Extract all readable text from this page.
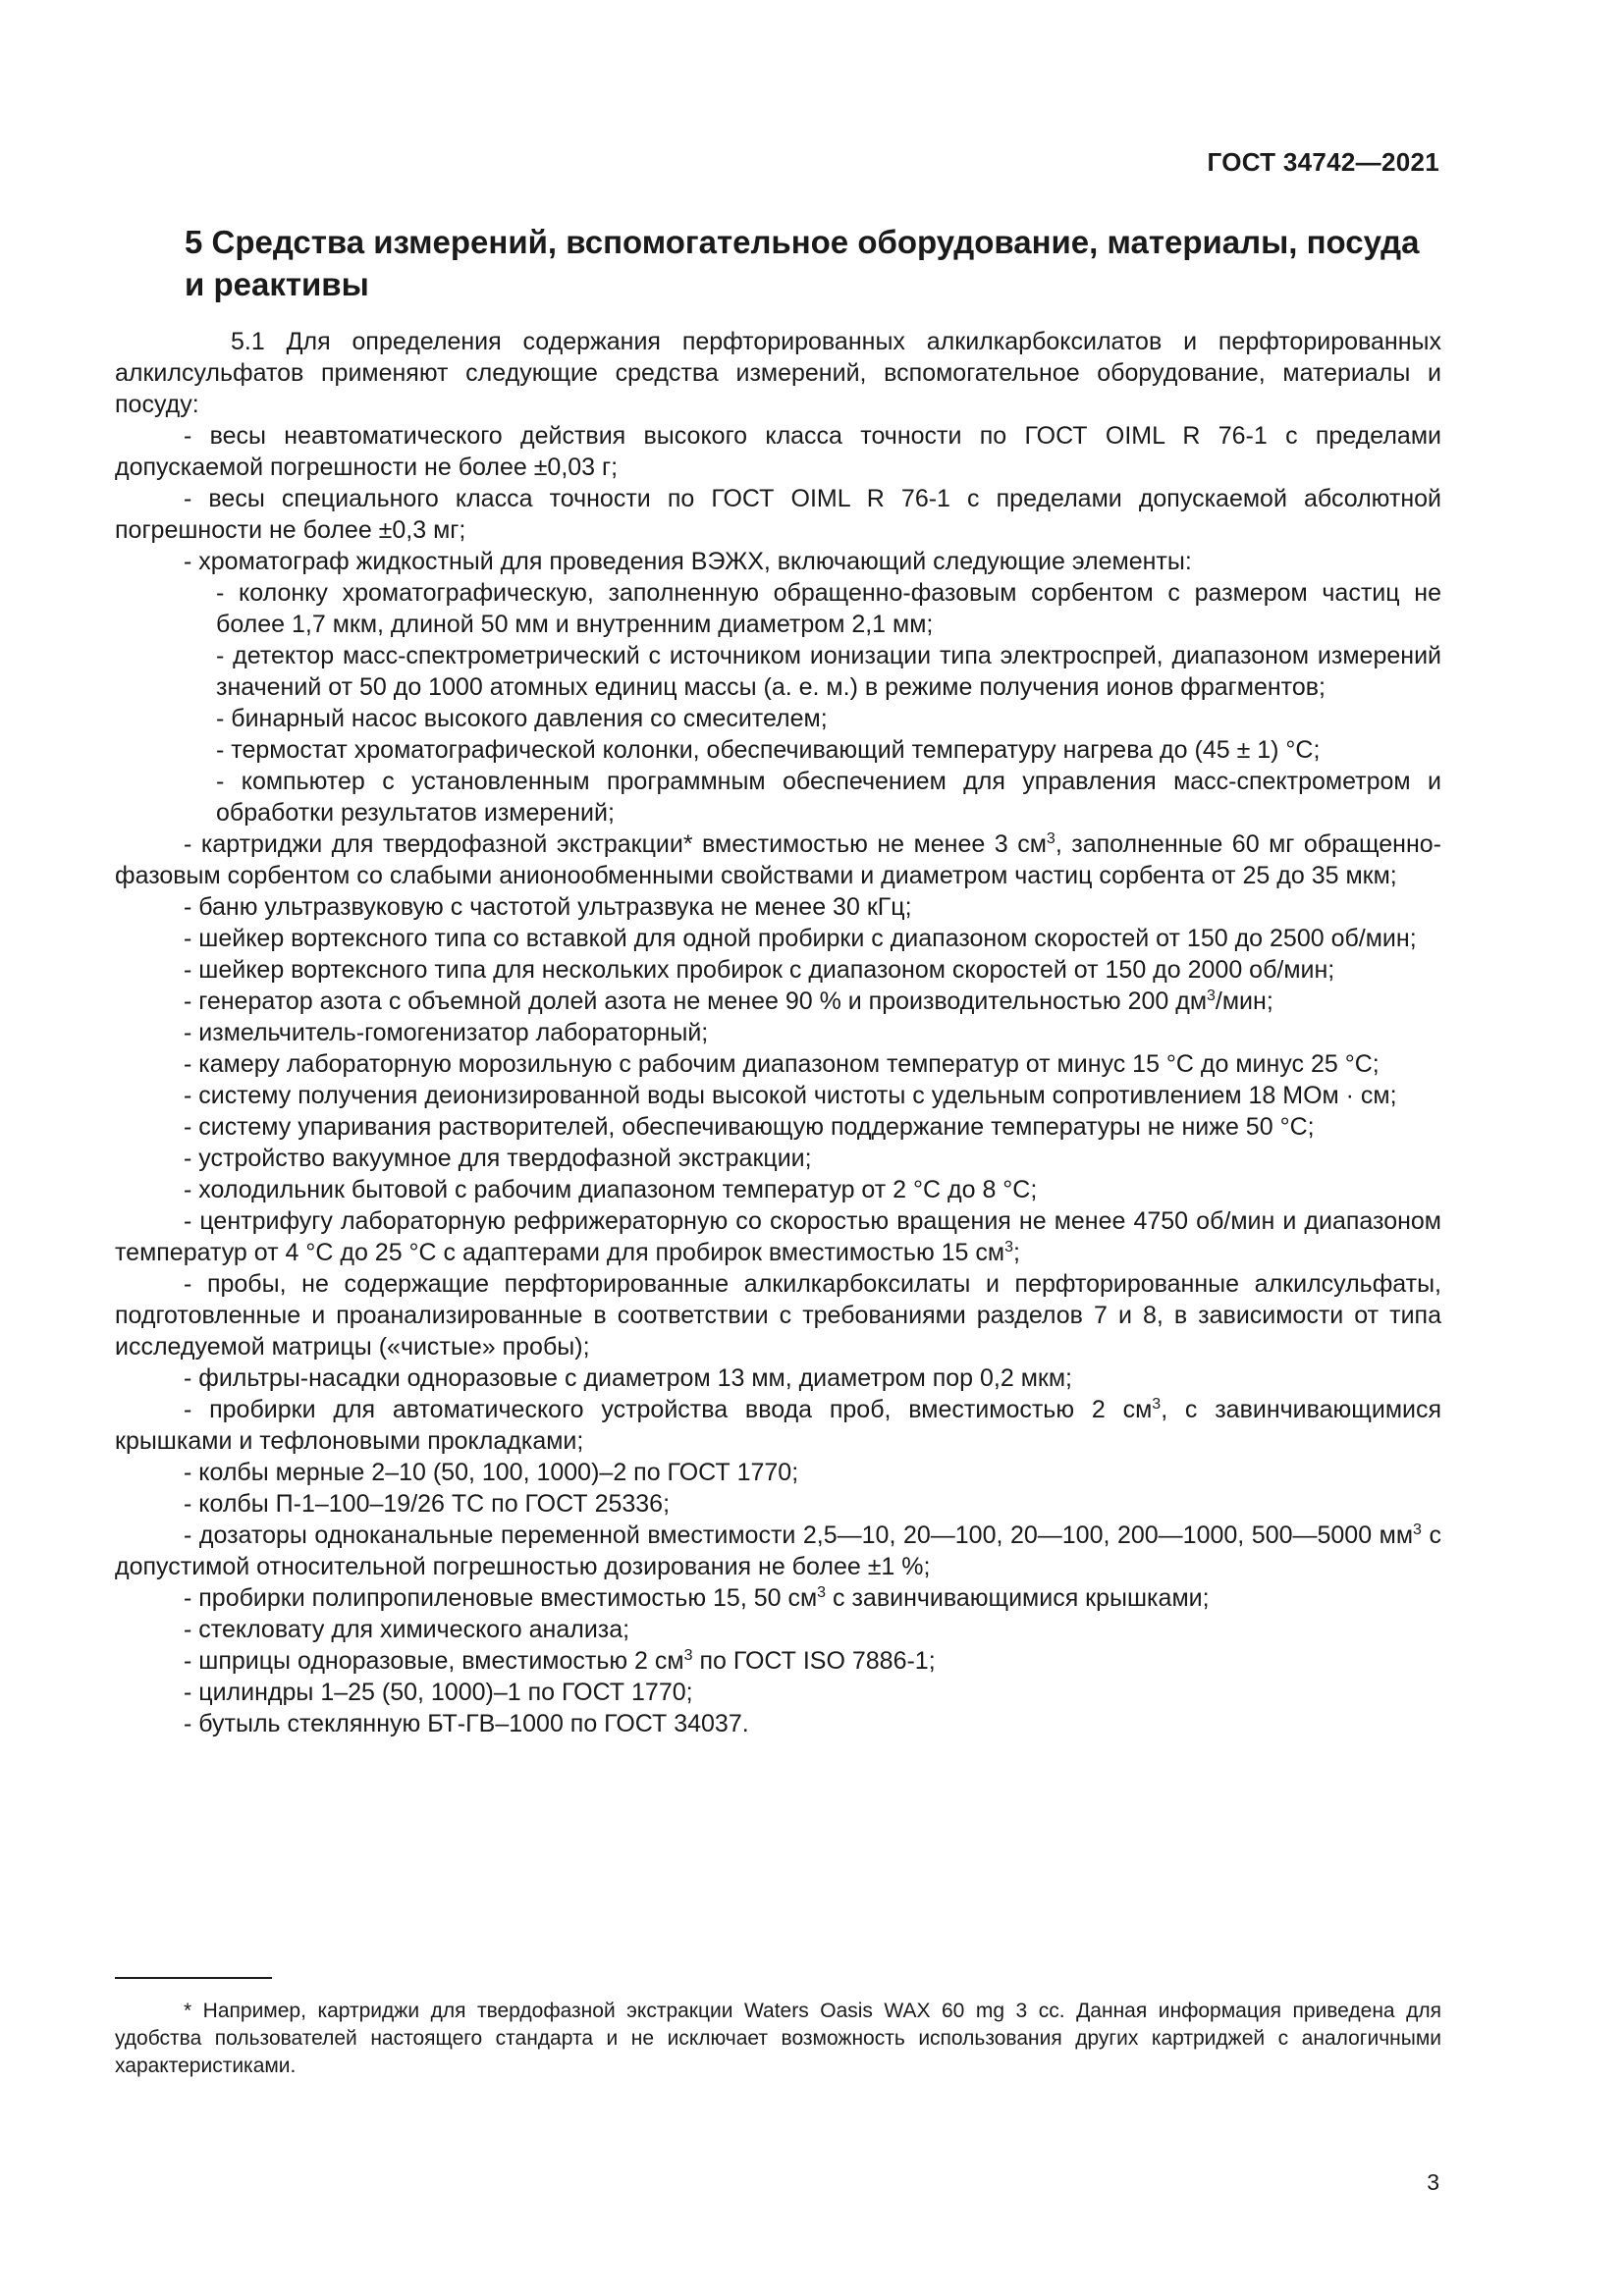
ГОСТ 34742—2021
5 Средства измерений, вспомогательное оборудование, материалы, посуда и реактивы

5.1 Для определения содержания перфторированных алкилкарбоксилатов и перфторированных алкилсульфатов применяют следующие средства измерений, вспомогательное оборудование, материалы и посуду:

- весы неавтоматического действия высокого класса точности по ГОСТ OIML R 76-1 с пределами допускаемой погрешности не более ±0,03 г;

- весы специального класса точности по ГОСТ OIML R 76-1 с пределами допускаемой абсолютной погрешности не более ±0,3 мг;

- хроматограф жидкостный для проведения ВЭЖХ, включающий следующие элементы:

- колонку хроматографическую, заполненную обращенно-фазовым сорбентом с размером частиц не более 1,7 мкм, длиной 50 мм и внутренним диаметром 2,1 мм;

- детектор масс-спектрометрический с источником ионизации типа электроспрей, диапазоном измерений значений от 50 до 1000 атомных единиц массы (а. е. м.) в режиме получения ионов фрагментов;

- бинарный насос высокого давления со смесителем;

- термостат хроматографической колонки, обеспечивающий температуру нагрева до (45 ± 1) °С;

- компьютер с установленным программным обеспечением для управления масс-спектрометром и обработки результатов измерений;

- картриджи для твердофазной экстракции* вместимостью не менее 3 $см^3$, заполненные 60 мг обращенно-фазовым сорбентом со слабыми анионообменными свойствами и диаметром частиц сорбента от 25 до 35 мкм;

- баню ультразвуковую с частотой ультразвука не менее 30 кГц;

- шейкер вортексного типа со вставкой для одной пробирки с диапазоном скоростей от 150 до 2500 об/мин;

- шейкер вортексного типа для нескольких пробирок с диапазоном скоростей от 150 до 2000 об/мин;

- генератор азота с объемной долей азота не менее 90 % и производительностью 200 $дм^3$/мин;

- измельчитель-гомогенизатор лабораторный;

- камеру лабораторную морозильную с рабочим диапазоном температур от минус 15 °С до минус 25 °С;

- систему получения деионизированной воды высокой чистоты с удельным сопротивлением 18 МОм · см;

- систему упаривания растворителей, обеспечивающую поддержание температуры не ниже 50 °С;

- устройство вакуумное для твердофазной экстракции;

- холодильник бытовой с рабочим диапазоном температур от 2 °С до 8 °С;

- центрифугу лабораторную рефрижераторную со скоростью вращения не менее 4750 об/мин и диапазоном температур от 4 °С до 25 °С с адаптерами для пробирок вместимостью 15 $см^3$;

- пробы, не содержащие перфторированные алкилкарбоксилаты и перфторированные алкилсульфаты, подготовленные и проанализированные в соответствии с требованиями разделов 7 и 8, в зависимости от типа исследуемой матрицы («чистые» пробы);

- фильтры-насадки одноразовые с диаметром 13 мм, диаметром пор 0,2 мкм;

- пробирки для автоматического устройства ввода проб, вместимостью 2 $см^3$, с завинчивающимися крышками и тефлоновыми прокладками;

- колбы мерные 2–10 (50, 100, 1000)–2 по ГОСТ 1770;

- колбы П-1–100–19/26 ТС по ГОСТ 25336;

- дозаторы одноканальные переменной вместимости 2,5—10, 20—100, 20—100, 200—1000, 500—5000 $мм^3$ с допустимой относительной погрешностью дозирования не более ±1 %;

- пробирки полипропиленовые вместимостью 15, 50 $см^3$ с завинчивающимися крышками;

- стекловату для химического анализа;

- шприцы одноразовые, вместимостью 2 $см^3$ по ГОСТ ISO 7886-1;

- цилиндры 1–25 (50, 1000)–1 по ГОСТ 1770;

- бутыль стеклянную БТ-ГВ–1000 по ГОСТ 34037.

* Например, картриджи для твердофазной экстракции Waters Oasis WAX 60 mg 3 cc. Данная информация приведена для удобства пользователей настоящего стандарта и не исключает возможность использования других картриджей с аналогичными характеристиками.
3
